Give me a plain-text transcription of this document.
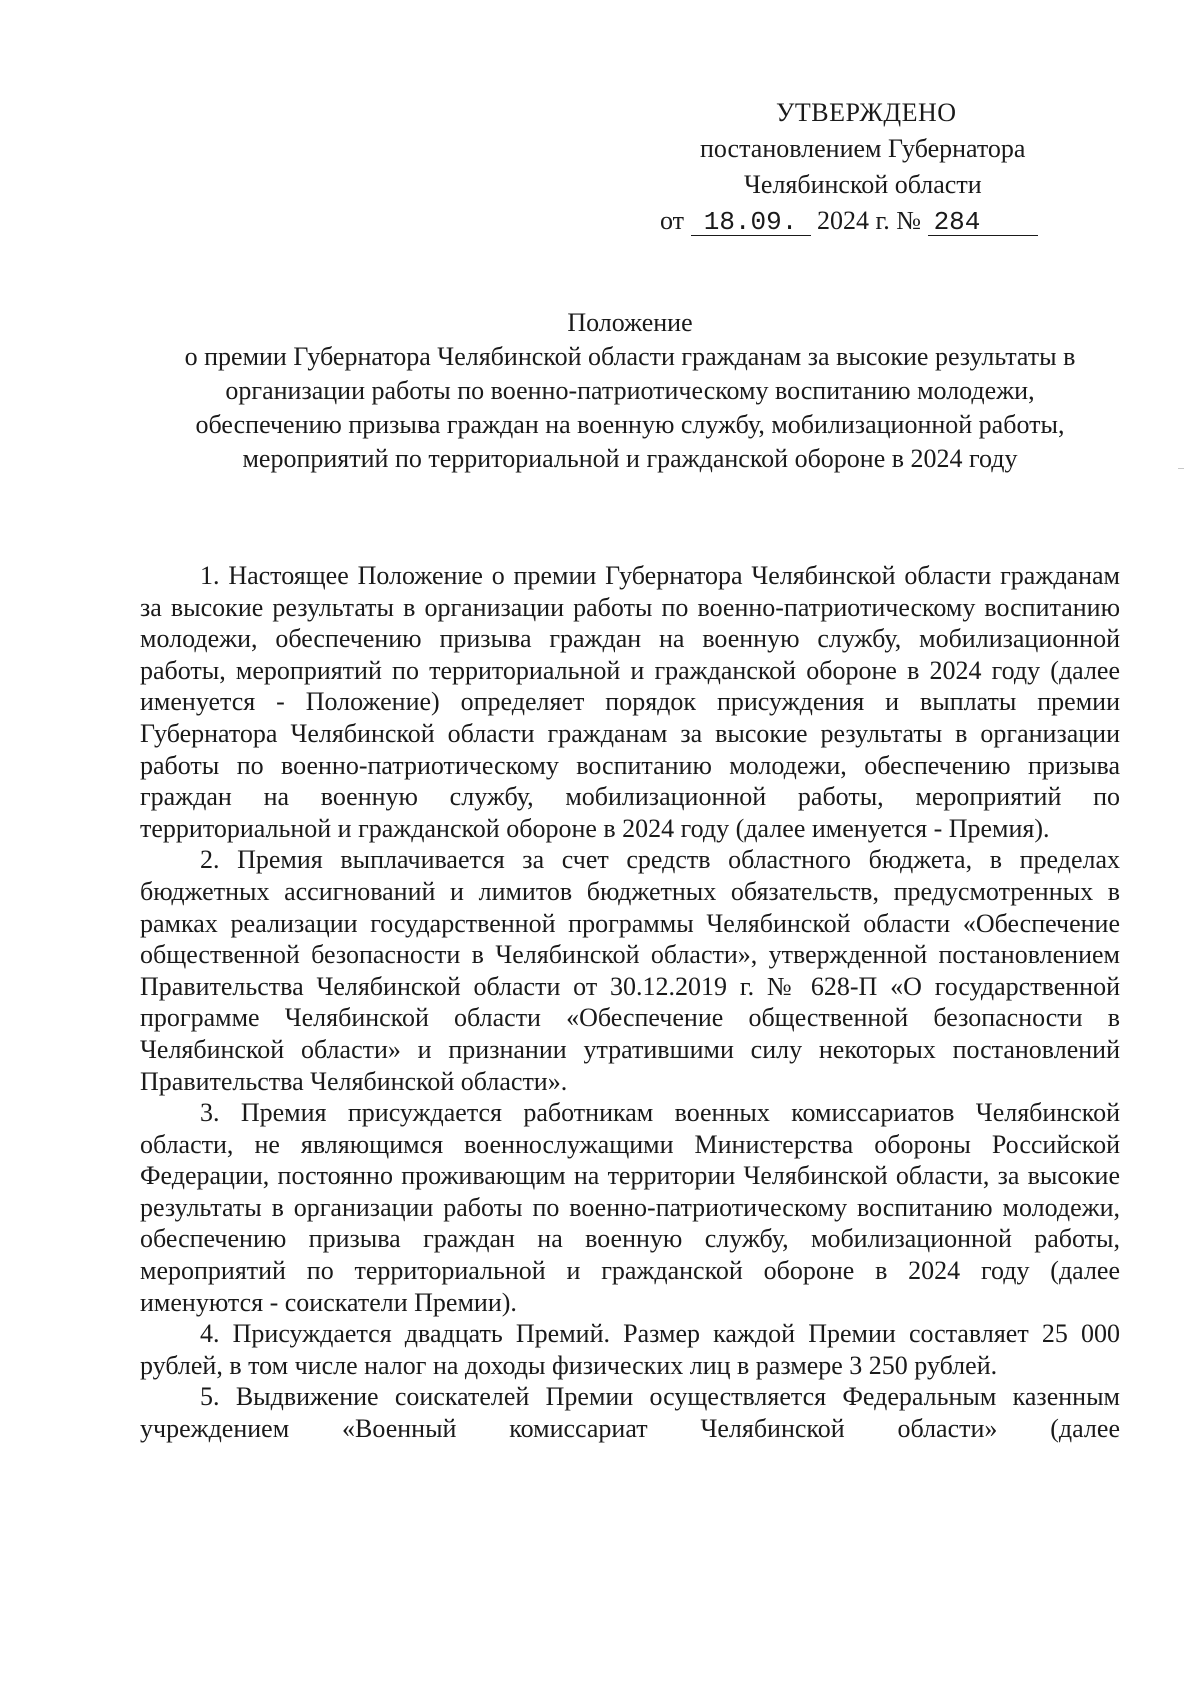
УТВЕРЖДЕНО
постановлением Губернатора
Челябинской области
от 18.09. 2024 г. № 284
Положение
о премии Губернатора Челябинской области гражданам за высокие результаты в
организации работы по военно-патриотическому воспитанию молодежи,
обеспечению призыва граждан на военную службу, мобилизационной работы,
мероприятий по территориальной и гражданской обороне в 2024 году

1. Настоящее Положение о премии Губернатора Челябинской области гражданам за высокие результаты в организации работы по военно-патриотическому воспитанию молодежи, обеспечению призыва граждан на военную службу, мобилизационной работы, мероприятий по территориальной и гражданской обороне в 2024 году (далее именуется - Положение) определяет порядок присуждения и выплаты премии Губернатора Челябинской области гражданам за высокие результаты в организации работы по военно-патриотическому воспитанию молодежи, обеспечению призыва граждан на военную службу, мобилизационной работы, мероприятий по территориальной и гражданской обороне в 2024 году (далее именуется - Премия).

2. Премия выплачивается за счет средств областного бюджета, в пределах бюджетных ассигнований и лимитов бюджетных обязательств, предусмотренных в рамках реализации государственной программы Челябинской области «Обеспечение общественной безопасности в Челябинской области», утвержденной постановлением Правительства Челябинской области от 30.12.2019 г. № 628-П «О государственной программе Челябинской области «Обеспечение общественной безопасности в Челябинской области» и признании утратившими силу некоторых постановлений Правительства Челябинской области».

3. Премия присуждается работникам военных комиссариатов Челябинской области, не являющимся военнослужащими Министерства обороны Российской Федерации, постоянно проживающим на территории Челябинской области, за высокие результаты в организации работы по военно-патриотическому воспитанию молодежи, обеспечению призыва граждан на военную службу, мобилизационной работы, мероприятий по территориальной и гражданской обороне в 2024 году (далее именуются - соискатели Премии).

4. Присуждается двадцать Премий. Размер каждой Премии составляет 25 000 рублей, в том числе налог на доходы физических лиц в размере 3 250 рублей.

5. Выдвижение соискателей Премии осуществляется Федеральным казенным учреждением «Военный комиссариат Челябинской области» (далее
